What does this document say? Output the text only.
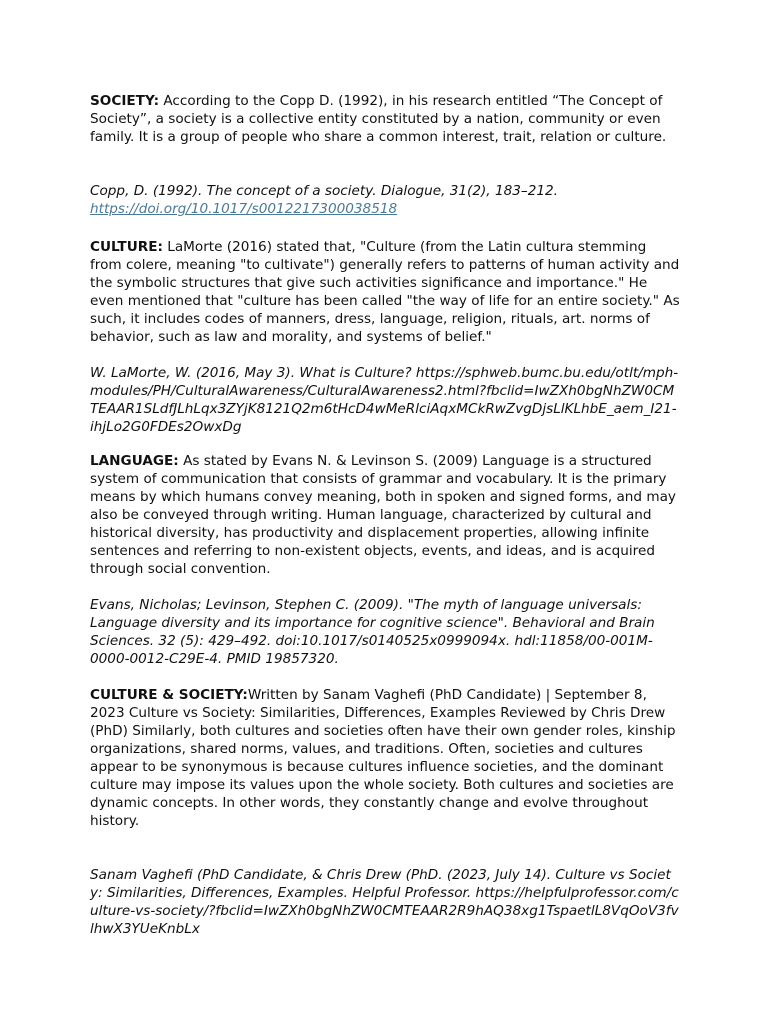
SOCIETY: According to the Copp D. (1992), in his research entitled “The Concept of Society”, a society is a collective entity constituted by a nation, community or even family. It is a group of people who share a common interest, trait, relation or culture.

Copp, D. (1992). The concept of a society. Dialogue, 31(2), 183–212.

https://doi.org/10.1017/s0012217300038518

CULTURE: LaMorte (2016) stated that, "Culture (from the Latin cultura stemming from colere, meaning "to cultivate") generally refers to patterns of human activity and the symbolic structures that give such activities significance and importance." He even mentioned that "culture has been called "the way of life for an entire society." As such, it includes codes of manners, dress, language, religion, rituals, art. norms of behavior, such as law and morality, and systems of belief."

W. LaMorte, W. (2016, May 3). What is Culture? https://sphweb.bumc.bu.edu/otlt/mph-modules/PH/CulturalAwareness/CulturalAwareness2.html?fbclid=IwZXh0bgNhZW0CMTEAAR1SLdfJLhLqx3ZYjK8121Q2m6tHcD4wMeRlciAqxMCkRwZvgDjsLlKLhbE_aem_I21-ihjLo2G0FDEs2OwxDg

LANGUAGE: As stated by Evans N. & Levinson S. (2009) Language is a structured system of communication that consists of grammar and vocabulary. It is the primary means by which humans convey meaning, both in spoken and signed forms, and may also be conveyed through writing. Human language, characterized by cultural and historical diversity, has productivity and displacement properties, allowing infinite sentences and referring to non-existent objects, events, and ideas, and is acquired through social convention.

Evans, Nicholas; Levinson, Stephen C. (2009). "The myth of language universals: Language diversity and its importance for cognitive science". Behavioral and Brain Sciences. 32 (5): 429–492. doi:10.1017/s0140525x0999094x. hdl:11858/00-001M-0000-0012-C29E-4. PMID 19857320.

CULTURE & SOCIETY:Written by Sanam Vaghefi (PhD Candidate) | September 8, 2023 Culture vs Society: Similarities, Differences, Examples Reviewed by Chris Drew (PhD) Similarly, both cultures and societies often have their own gender roles, kinship organizations, shared norms, values, and traditions. Often, societies and cultures appear to be synonymous is because cultures influence societies, and the dominant culture may impose its values upon the whole society. Both cultures and societies are dynamic concepts. In other words, they constantly change and evolve throughout history.

Sanam Vaghefi (PhD Candidate, & Chris Drew (PhD. (2023, July 14). Culture vs Society: Similarities, Differences, Examples. Helpful Professor. https://helpfulprofessor.com/culture-vs-society/?fbclid=IwZXh0bgNhZW0CMTEAAR2R9hAQ38xg1TspaetlL8VqOoV3fvlhwX3YUeKnbLx
